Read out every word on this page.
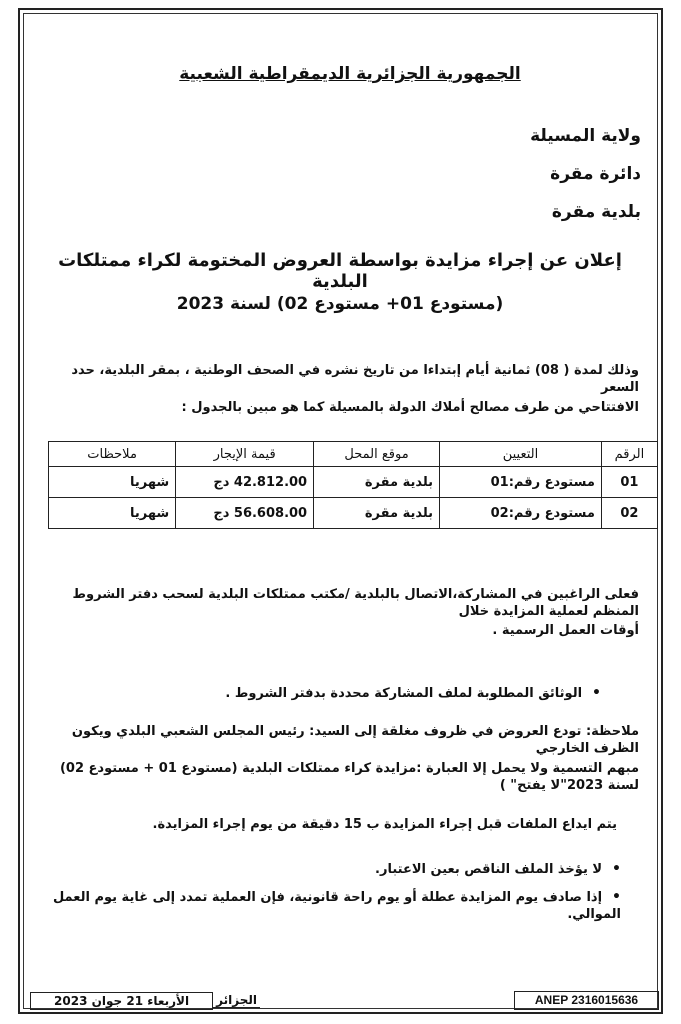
الجمهورية الجزائرية الديمقراطية الشعبية
ولاية المسيلة
دائرة مقرة
بلدية مقرة
إعلان عن إجراء مزايدة بواسطة العروض المختومة لكراء ممتلكات البلدية
(مستودع 01+ مستودع 02) لسنة 2023
وذلك لمدة ( 08) ثمانية أيام إبتداءا من تاريخ نشره في الصحف الوطنية ، بمقر البلدية، حدد السعر
الافتتاحي من طرف مصالح أملاك الدولة بالمسيلة كما هو مبين بالجدول :
الرقم	التعيين	موقع المحل	قيمة الإيجار	ملاحظات
01	مستودع رقم:01	بلدية مقرة	42.812.00 دج	شهريا
02	مستودع رقم:02	بلدية مقرة	56.608.00 دج	شهريا
فعلى الراغبين في المشاركة،الاتصال بالبلدية /مكتب ممتلكات البلدية لسحب دفتر الشروط المنظم لعملية المزايدة خلال
أوقات العمل الرسمية .
• الوثائق المطلوبة لملف المشاركة محددة بدفتر الشروط .
ملاحظة: تودع العروض في ظروف مغلقة إلى السيد: رئيس المجلس الشعبي البلدي ويكون الظرف الخارجي
مبهم التسمية ولا يحمل إلا العبارة :مزايدة كراء ممتلكات البلدية (مستودع 01 + مستودع 02) لسنة 2023"لا يفتح" )
يتم ايداع الملفات قبل إجراء المزايدة ب 15 دقيقة من يوم إجراء المزايدة.
• لا يؤخذ الملف الناقص بعين الاعتبار.
• إذا صادف يوم المزايدة عطلة أو يوم راحة قانونية، فإن العملية تمدد إلى غاية يوم العمل الموالي.
ANEP 2316015636
الجزائر
الأربعاء 21 جوان 2023
